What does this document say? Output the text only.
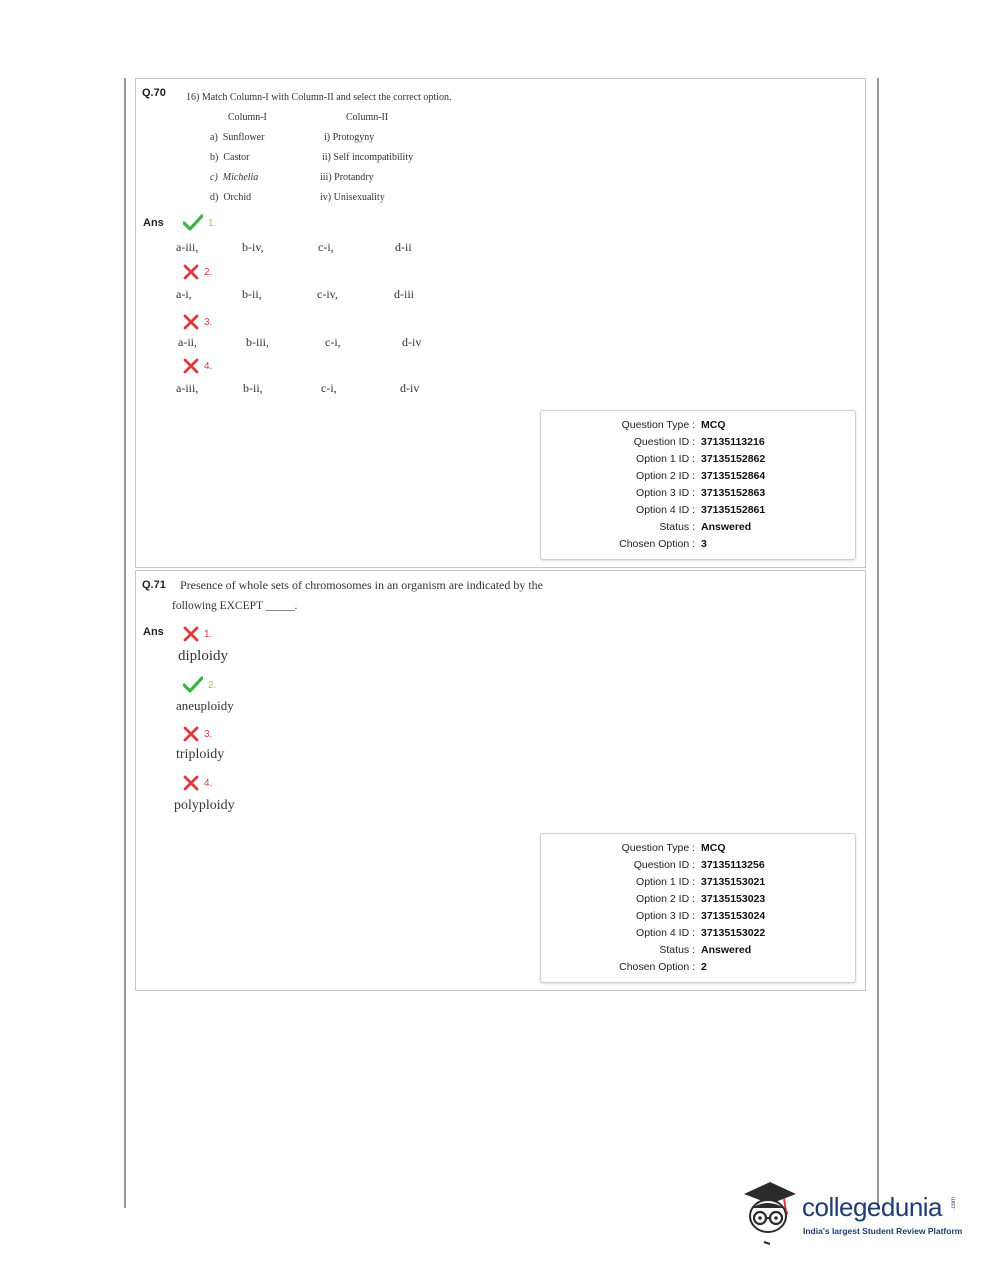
Q.70 16) Match Column-I with Column-II and select the correct option.
Column-I	Column-II
a)  Sunflower	i) Protogyny
b)  Castor	ii) Self incompatibility
c)  Michelia	iii) Protandry
d)  Orchid	iv) Unisexuality
Ans	1.
a-iii,	b-iv,	c-i,	d-ii
2.
a-i,	b-ii,	c-iv,	d-iii
3.
a-ii,	b-iii,	c-i,	d-iv
4.
a-iii,	b-ii,	c-i,	d-iv
Question Type : MCQ
Question ID : 37135113216
Option 1 ID : 37135152862
Option 2 ID : 37135152864
Option 3 ID : 37135152863
Option 4 ID : 37135152861
Status : Answered
Chosen Option : 3
Q.71 Presence of whole sets of chromosomes in an organism are indicated by the
following EXCEPT _____.
Ans	1.
diploidy
2.
aneuploidy
3.
triploidy
4.
polyploidy
Question Type : MCQ
Question ID : 37135113256
Option 1 ID : 37135153021
Option 2 ID : 37135153023
Option 3 ID : 37135153024
Option 4 ID : 37135153022
Status : Answered
Chosen Option : 2
collegedunia .com
India's largest Student Review Platform
